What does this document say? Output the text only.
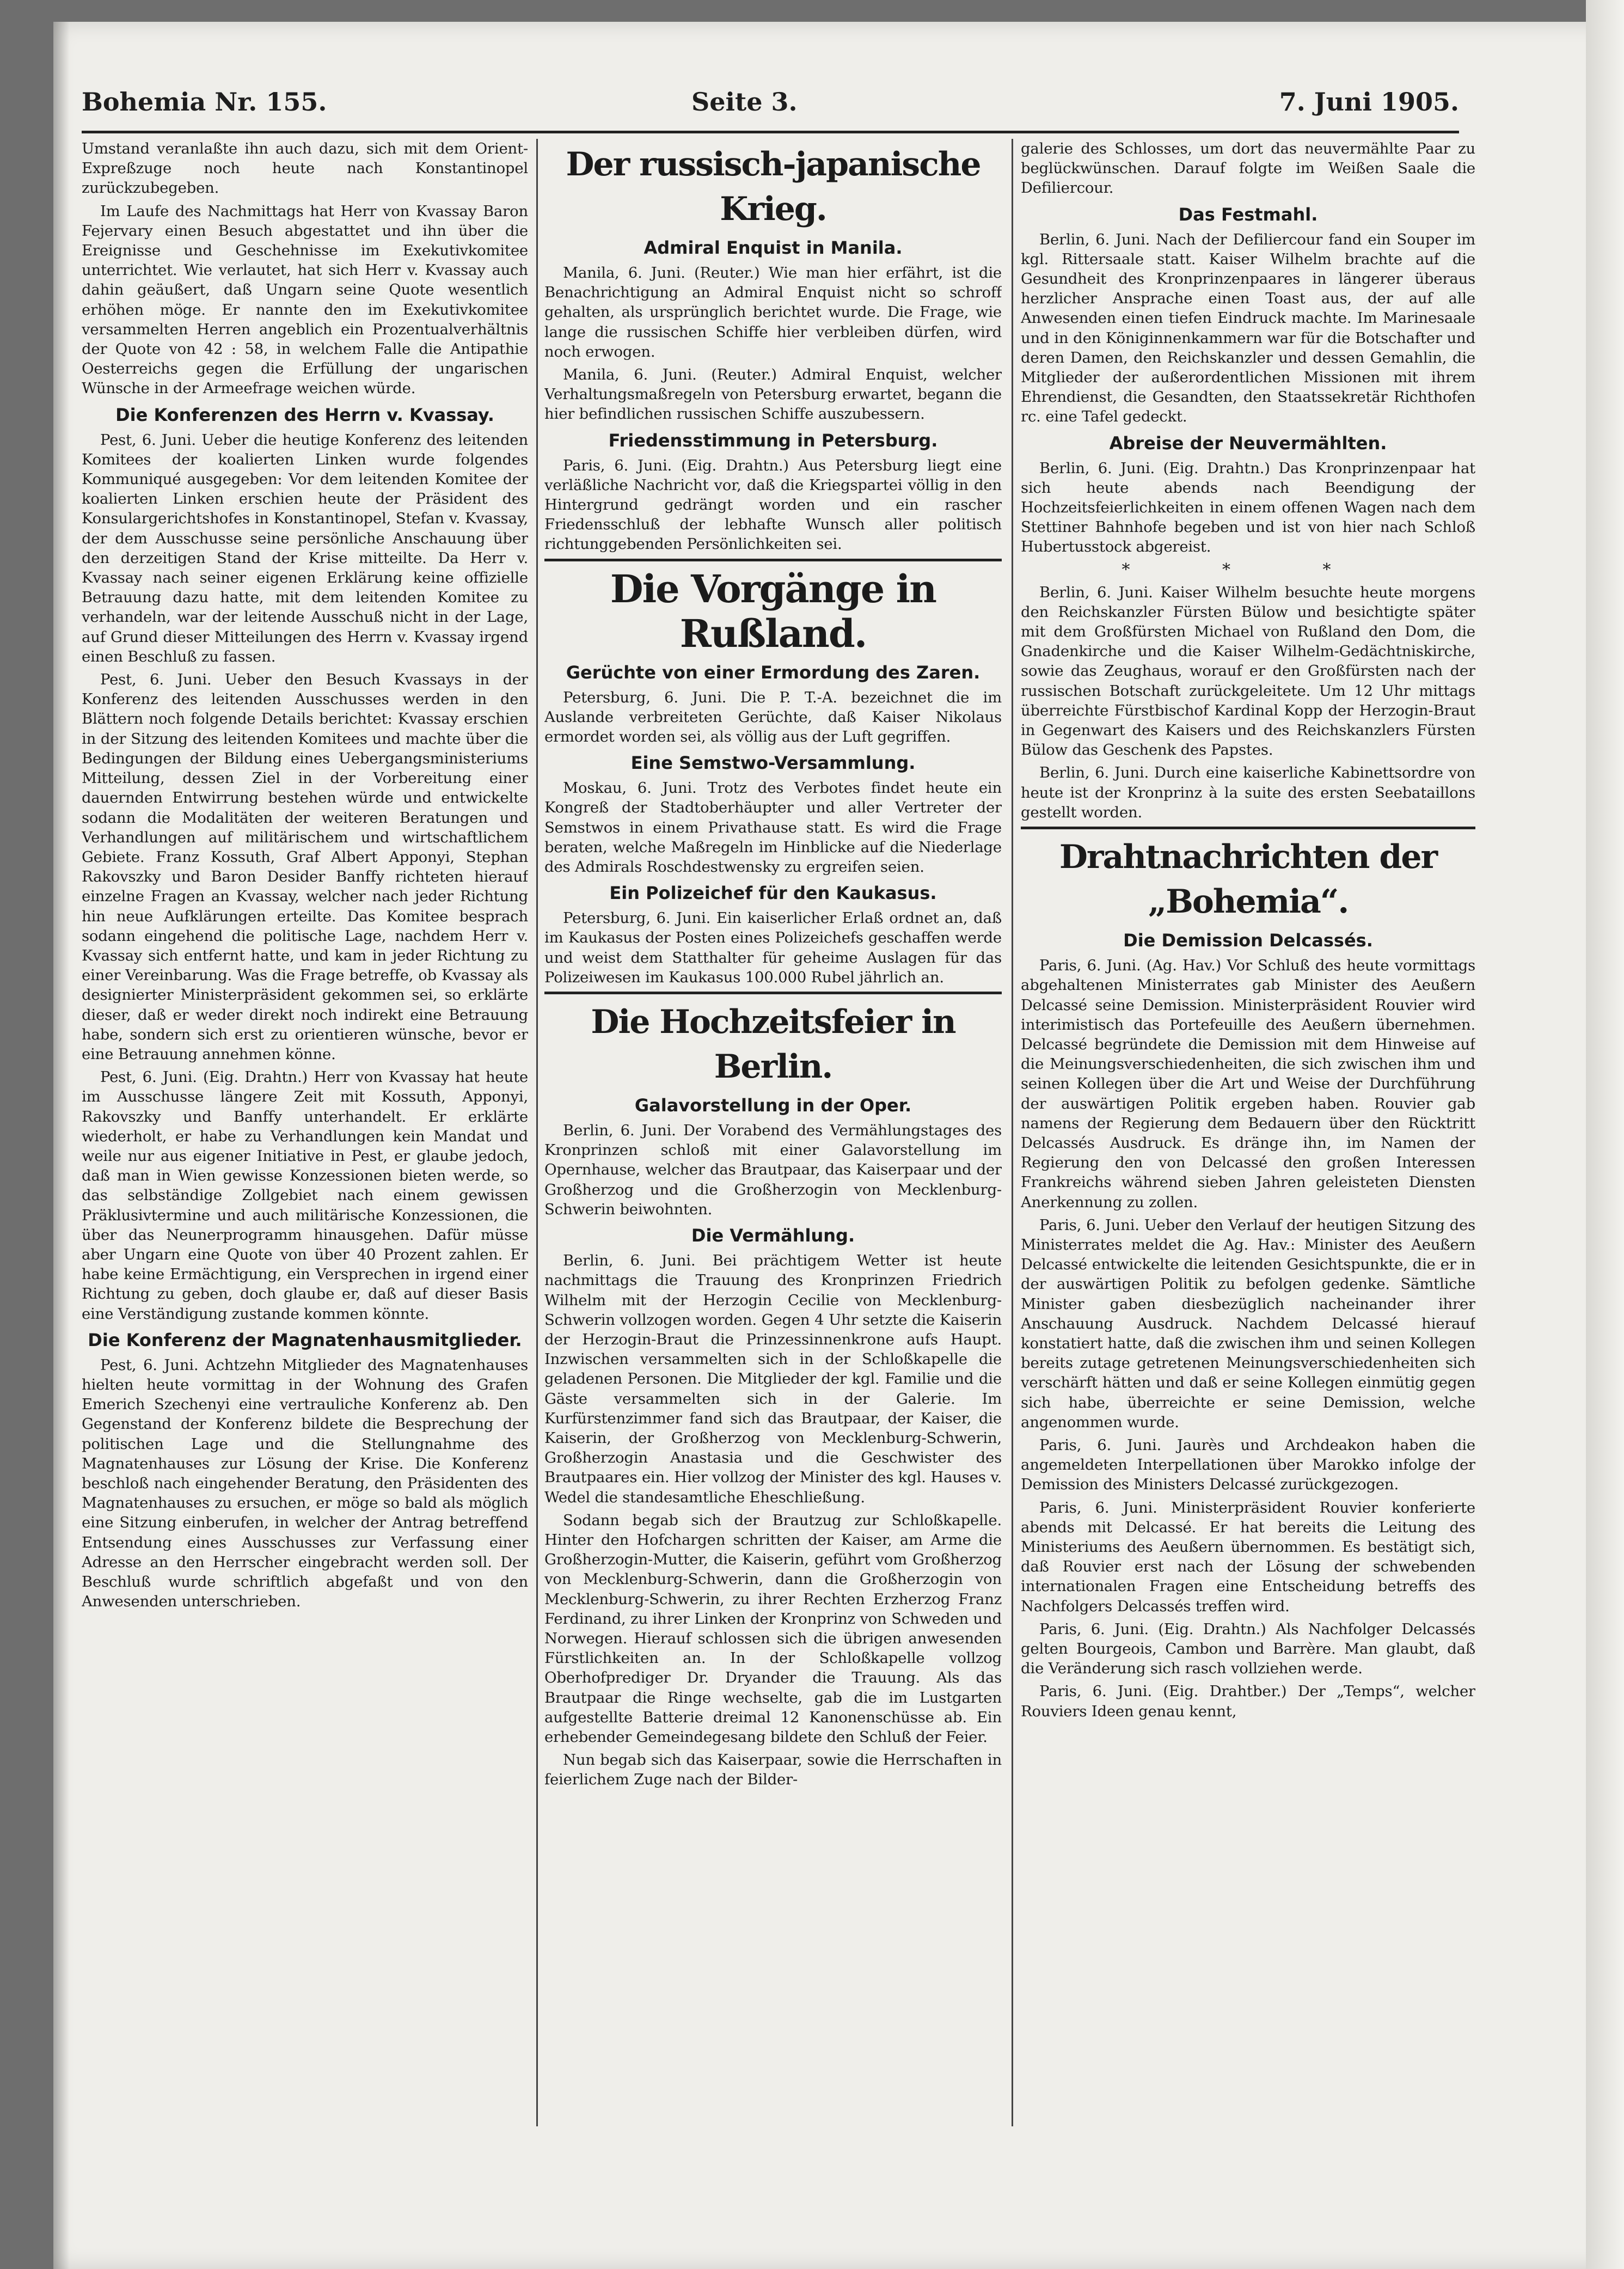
Bohemia Nr. 155.	Seite 3.	7. Juni 1905.

Umstand veranlaßte ihn auch dazu, sich mit dem Orient-Expreßzuge noch heute nach Konstantinopel zurückzubegeben.

Im Laufe des Nachmittags hat Herr von Kvassay Baron Fejervary einen Besuch abgestattet und ihn über die Ereignisse und Geschehnisse im Exekutivkomitee unterrichtet. Wie verlautet, hat sich Herr v. Kvassay auch dahin geäußert, daß Ungarn seine Quote wesentlich erhöhen möge. Er nannte den im Exekutivkomitee versammelten Herren angeblich ein Prozentualverhältnis der Quote von 42 : 58, in welchem Falle die Antipathie Oesterreichs gegen die Erfüllung der ungarischen Wünsche in der Armeefrage weichen würde.

Die Konferenzen des Herrn v. Kvassay.

Pest, 6. Juni. Ueber die heutige Konferenz des leitenden Komitees der koalierten Linken wurde folgendes Kommuniqué ausgegeben: Vor dem leitenden Komitee der koalierten Linken erschien heute der Präsident des Konsulargerichtshofes in Konstantinopel, Stefan v. Kvassay, der dem Ausschusse seine persönliche Anschauung über den derzeitigen Stand der Krise mitteilte. Da Herr v. Kvassay nach seiner eigenen Erklärung keine offizielle Betrauung dazu hatte, mit dem leitenden Komitee zu verhandeln, war der leitende Ausschuß nicht in der Lage, auf Grund dieser Mitteilungen des Herrn v. Kvassay irgend einen Beschluß zu fassen.

Pest, 6. Juni. Ueber den Besuch Kvassays in der Konferenz des leitenden Ausschusses werden in den Blättern noch folgende Details berichtet: Kvassay erschien in der Sitzung des leitenden Komitees und machte über die Bedingungen der Bildung eines Uebergangsministeriums Mitteilung, dessen Ziel in der Vorbereitung einer dauernden Entwirrung bestehen würde und entwickelte sodann die Modalitäten der weiteren Beratungen und Verhandlungen auf militärischem und wirtschaftlichem Gebiete. Franz Kossuth, Graf Albert Apponyi, Stephan Rakovszky und Baron Desider Banffy richteten hierauf einzelne Fragen an Kvassay, welcher nach jeder Richtung hin neue Aufklärungen erteilte. Das Komitee besprach sodann eingehend die politische Lage, nachdem Herr v. Kvassay sich entfernt hatte, und kam in jeder Richtung zu einer Vereinbarung. Was die Frage betreffe, ob Kvassay als designierter Ministerpräsident gekommen sei, so erklärte dieser, daß er weder direkt noch indirekt eine Betrauung habe, sondern sich erst zu orientieren wünsche, bevor er eine Betrauung annehmen könne.

Pest, 6. Juni. (Eig. Drahtn.) Herr von Kvassay hat heute im Ausschusse längere Zeit mit Kossuth, Apponyi, Rakovszky und Banffy unterhandelt. Er erklärte wiederholt, er habe zu Verhandlungen kein Mandat und weile nur aus eigener Initiative in Pest, er glaube jedoch, daß man in Wien gewisse Konzessionen bieten werde, so das selbständige Zollgebiet nach einem gewissen Präklusivtermine und auch militärische Konzessionen, die über das Neunerprogramm hinausgehen. Dafür müsse aber Ungarn eine Quote von über 40 Prozent zahlen. Er habe keine Ermächtigung, ein Versprechen in irgend einer Richtung zu geben, doch glaube er, daß auf dieser Basis eine Verständigung zustande kommen könnte.

Die Konferenz der Magnatenhausmitglieder.

Pest, 6. Juni. Achtzehn Mitglieder des Magnatenhauses hielten heute vormittag in der Wohnung des Grafen Emerich Szechenyi eine vertrauliche Konferenz ab. Den Gegenstand der Konferenz bildete die Besprechung der politischen Lage und die Stellungnahme des Magnatenhauses zur Lösung der Krise. Die Konferenz beschloß nach eingehender Beratung, den Präsidenten des Magnatenhauses zu ersuchen, er möge so bald als möglich eine Sitzung einberufen, in welcher der Antrag betreffend Entsendung eines Ausschusses zur Verfassung einer Adresse an den Herrscher eingebracht werden soll. Der Beschluß wurde schriftlich abgefaßt und von den Anwesenden unterschrieben.

Der russisch-japanische Krieg.
Admiral Enquist in Manila.

Manila, 6. Juni. (Reuter.) Wie man hier erfährt, ist die Benachrichtigung an Admiral Enquist nicht so schroff gehalten, als ursprünglich berichtet wurde. Die Frage, wie lange die russischen Schiffe hier verbleiben dürfen, wird noch erwogen.

Manila, 6. Juni. (Reuter.) Admiral Enquist, welcher Verhaltungsmaßregeln von Petersburg erwartet, begann die hier befindlichen russischen Schiffe auszubessern.

Friedensstimmung in Petersburg.

Paris, 6. Juni. (Eig. Drahtn.) Aus Petersburg liegt eine verläßliche Nachricht vor, daß die Kriegspartei völlig in den Hintergrund gedrängt worden und ein rascher Friedensschluß der lebhafte Wunsch aller politisch richtunggebenden Persönlichkeiten sei.

Die Vorgänge in Rußland.
Gerüchte von einer Ermordung des Zaren.

Petersburg, 6. Juni. Die P. T.-A. bezeichnet die im Auslande verbreiteten Gerüchte, daß Kaiser Nikolaus ermordet worden sei, als völlig aus der Luft gegriffen.

Eine Semstwo-Versammlung.

Moskau, 6. Juni. Trotz des Verbotes findet heute ein Kongreß der Stadtoberhäupter und aller Vertreter der Semstwos in einem Privathause statt. Es wird die Frage beraten, welche Maßregeln im Hinblicke auf die Niederlage des Admirals Roschdestwensky zu ergreifen seien.

Ein Polizeichef für den Kaukasus.

Petersburg, 6. Juni. Ein kaiserlicher Erlaß ordnet an, daß im Kaukasus der Posten eines Polizeichefs geschaffen werde und weist dem Statthalter für geheime Auslagen für das Polizeiwesen im Kaukasus 100.000 Rubel jährlich an.

Die Hochzeitsfeier in Berlin.
Galavorstellung in der Oper.

Berlin, 6. Juni. Der Vorabend des Vermählungstages des Kronprinzen schloß mit einer Galavorstellung im Opernhause, welcher das Brautpaar, das Kaiserpaar und der Großherzog und die Großherzogin von Mecklenburg-Schwerin beiwohnten.

Die Vermählung.

Berlin, 6. Juni. Bei prächtigem Wetter ist heute nachmittags die Trauung des Kronprinzen Friedrich Wilhelm mit der Herzogin Cecilie von Mecklenburg-Schwerin vollzogen worden. Gegen 4 Uhr setzte die Kaiserin der Herzogin-Braut die Prinzessinnenkrone aufs Haupt. Inzwischen versammelten sich in der Schloßkapelle die geladenen Personen. Die Mitglieder der kgl. Familie und die Gäste versammelten sich in der Galerie. Im Kurfürstenzimmer fand sich das Brautpaar, der Kaiser, die Kaiserin, der Großherzog von Mecklenburg-Schwerin, Großherzogin Anastasia und die Geschwister des Brautpaares ein. Hier vollzog der Minister des kgl. Hauses v. Wedel die standesamtliche Eheschließung.

Sodann begab sich der Brautzug zur Schloßkapelle. Hinter den Hofchargen schritten der Kaiser, am Arme die Großherzogin-Mutter, die Kaiserin, geführt vom Großherzog von Mecklenburg-Schwerin, dann die Großherzogin von Mecklenburg-Schwerin, zu ihrer Rechten Erzherzog Franz Ferdinand, zu ihrer Linken der Kronprinz von Schweden und Norwegen. Hierauf schlossen sich die übrigen anwesenden Fürstlichkeiten an. In der Schloßkapelle vollzog Oberhofprediger Dr. Dryander die Trauung. Als das Brautpaar die Ringe wechselte, gab die im Lustgarten aufgestellte Batterie dreimal 12 Kanonenschüsse ab. Ein erhebender Gemeindegesang bildete den Schluß der Feier.

Nun begab sich das Kaiserpaar, sowie die Herrschaften in feierlichem Zuge nach der Bilder-

galerie des Schlosses, um dort das neuvermählte Paar zu beglückwünschen. Darauf folgte im Weißen Saale die Defiliercour.

Das Festmahl.

Berlin, 6. Juni. Nach der Defiliercour fand ein Souper im kgl. Rittersaale statt. Kaiser Wilhelm brachte auf die Gesundheit des Kronprinzenpaares in längerer überaus herzlicher Ansprache einen Toast aus, der auf alle Anwesenden einen tiefen Eindruck machte. Im Marinesaale und in den Königinnenkammern war für die Botschafter und deren Damen, den Reichskanzler und dessen Gemahlin, die Mitglieder der außerordentlichen Missionen mit ihrem Ehrendienst, die Gesandten, den Staatssekretär Richthofen rc. eine Tafel gedeckt.

Abreise der Neuvermählten.

Berlin, 6. Juni. (Eig. Drahtn.) Das Kronprinzenpaar hat sich heute abends nach Beendigung der Hochzeitsfeierlichkeiten in einem offenen Wagen nach dem Stettiner Bahnhofe begeben und ist von hier nach Schloß Hubertusstock abgereist.

* * *

Berlin, 6. Juni. Kaiser Wilhelm besuchte heute morgens den Reichskanzler Fürsten Bülow und besichtigte später mit dem Großfürsten Michael von Rußland den Dom, die Gnadenkirche und die Kaiser Wilhelm-Gedächtniskirche, sowie das Zeughaus, worauf er den Großfürsten nach der russischen Botschaft zurückgeleitete. Um 12 Uhr mittags überreichte Fürstbischof Kardinal Kopp der Herzogin-Braut in Gegenwart des Kaisers und des Reichskanzlers Fürsten Bülow das Geschenk des Papstes.

Berlin, 6. Juni. Durch eine kaiserliche Kabinettsordre von heute ist der Kronprinz à la suite des ersten Seebataillons gestellt worden.

Drahtnachrichten der „Bohemia“.
Die Demission Delcassés.

Paris, 6. Juni. (Ag. Hav.) Vor Schluß des heute vormittags abgehaltenen Ministerrates gab Minister des Aeußern Delcassé seine Demission. Ministerpräsident Rouvier wird interimistisch das Portefeuille des Aeußern übernehmen. Delcassé begründete die Demission mit dem Hinweise auf die Meinungsverschiedenheiten, die sich zwischen ihm und seinen Kollegen über die Art und Weise der Durchführung der auswärtigen Politik ergeben haben. Rouvier gab namens der Regierung dem Bedauern über den Rücktritt Delcassés Ausdruck. Es dränge ihn, im Namen der Regierung den von Delcassé den großen Interessen Frankreichs während sieben Jahren geleisteten Diensten Anerkennung zu zollen.

Paris, 6. Juni. Ueber den Verlauf der heutigen Sitzung des Ministerrates meldet die Ag. Hav.: Minister des Aeußern Delcassé entwickelte die leitenden Gesichtspunkte, die er in der auswärtigen Politik zu befolgen gedenke. Sämtliche Minister gaben diesbezüglich nacheinander ihrer Anschauung Ausdruck. Nachdem Delcassé hierauf konstatiert hatte, daß die zwischen ihm und seinen Kollegen bereits zutage getretenen Meinungsverschiedenheiten sich verschärft hätten und daß er seine Kollegen einmütig gegen sich habe, überreichte er seine Demission, welche angenommen wurde.

Paris, 6. Juni. Jaurès und Archdeakon haben die angemeldeten Interpellationen über Marokko infolge der Demission des Ministers Delcassé zurückgezogen.

Paris, 6. Juni. Ministerpräsident Rouvier konferierte abends mit Delcassé. Er hat bereits die Leitung des Ministeriums des Aeußern übernommen. Es bestätigt sich, daß Rouvier erst nach der Lösung der schwebenden internationalen Fragen eine Entscheidung betreffs des Nachfolgers Delcassés treffen wird.

Paris, 6. Juni. (Eig. Drahtn.) Als Nachfolger Delcassés gelten Bourgeois, Cambon und Barrère. Man glaubt, daß die Veränderung sich rasch vollziehen werde.

Paris, 6. Juni. (Eig. Drahtber.) Der „Temps“, welcher Rouviers Ideen genau kennt,
